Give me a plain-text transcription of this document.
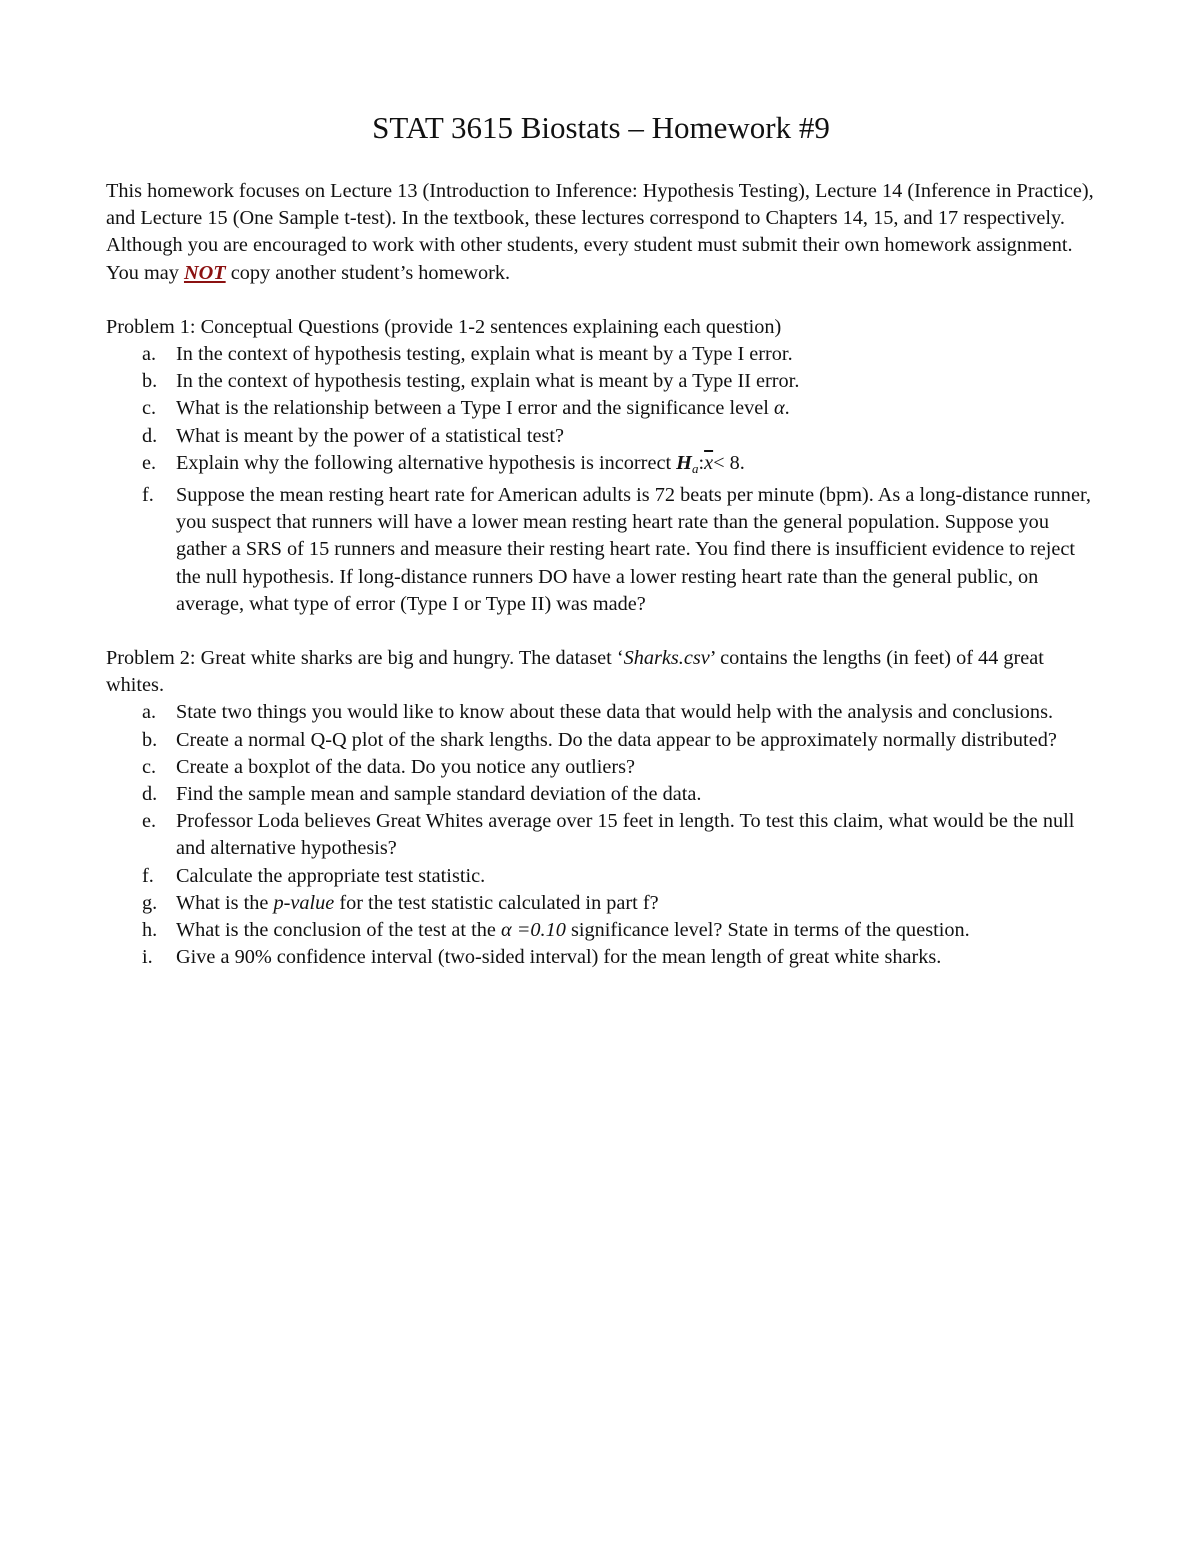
STAT 3615 Biostats – Homework #9

This homework focuses on Lecture 13 (Introduction to Inference: Hypothesis Testing), Lecture 14 (Inference in Practice), and Lecture 15 (One Sample t-test). In the textbook, these lectures correspond to Chapters 14, 15, and 17 respectively. Although you are encouraged to work with other students, every student must submit their own homework assignment. You may NOT copy another student’s homework.

Problem 1: Conceptual Questions (provide 1-2 sentences explaining each question)

a. In the context of hypothesis testing, explain what is meant by a Type I error.
b. In the context of hypothesis testing, explain what is meant by a Type II error.
c. What is the relationship between a Type I error and the significance level α.
d. What is meant by the power of a statistical test?
e. Explain why the following alternative hypothesis is incorrect $H_a:\overline{x}< 8$.
f. Suppose the mean resting heart rate for American adults is 72 beats per minute (bpm). As a long-distance runner, you suspect that runners will have a lower mean resting heart rate than the general population. Suppose you gather a SRS of 15 runners and measure their resting heart rate. You find there is insufficient evidence to reject the null hypothesis. If long-distance runners DO have a lower resting heart rate than the general public, on average, what type of error (Type I or Type II) was made?

Problem 2: Great white sharks are big and hungry. The dataset ‘Sharks.csv’ contains the lengths (in feet) of 44 great whites.

a. State two things you would like to know about these data that would help with the analysis and conclusions.
b. Create a normal Q-Q plot of the shark lengths. Do the data appear to be approximately normally distributed?
c. Create a boxplot of the data. Do you notice any outliers?
d. Find the sample mean and sample standard deviation of the data.
e. Professor Loda believes Great Whites average over 15 feet in length. To test this claim, what would be the null and alternative hypothesis?
f. Calculate the appropriate test statistic.
g. What is the p-value for the test statistic calculated in part f?
h. What is the conclusion of the test at the α =0.10 significance level? State in terms of the question.
i. Give a 90% confidence interval (two-sided interval) for the mean length of great white sharks.
